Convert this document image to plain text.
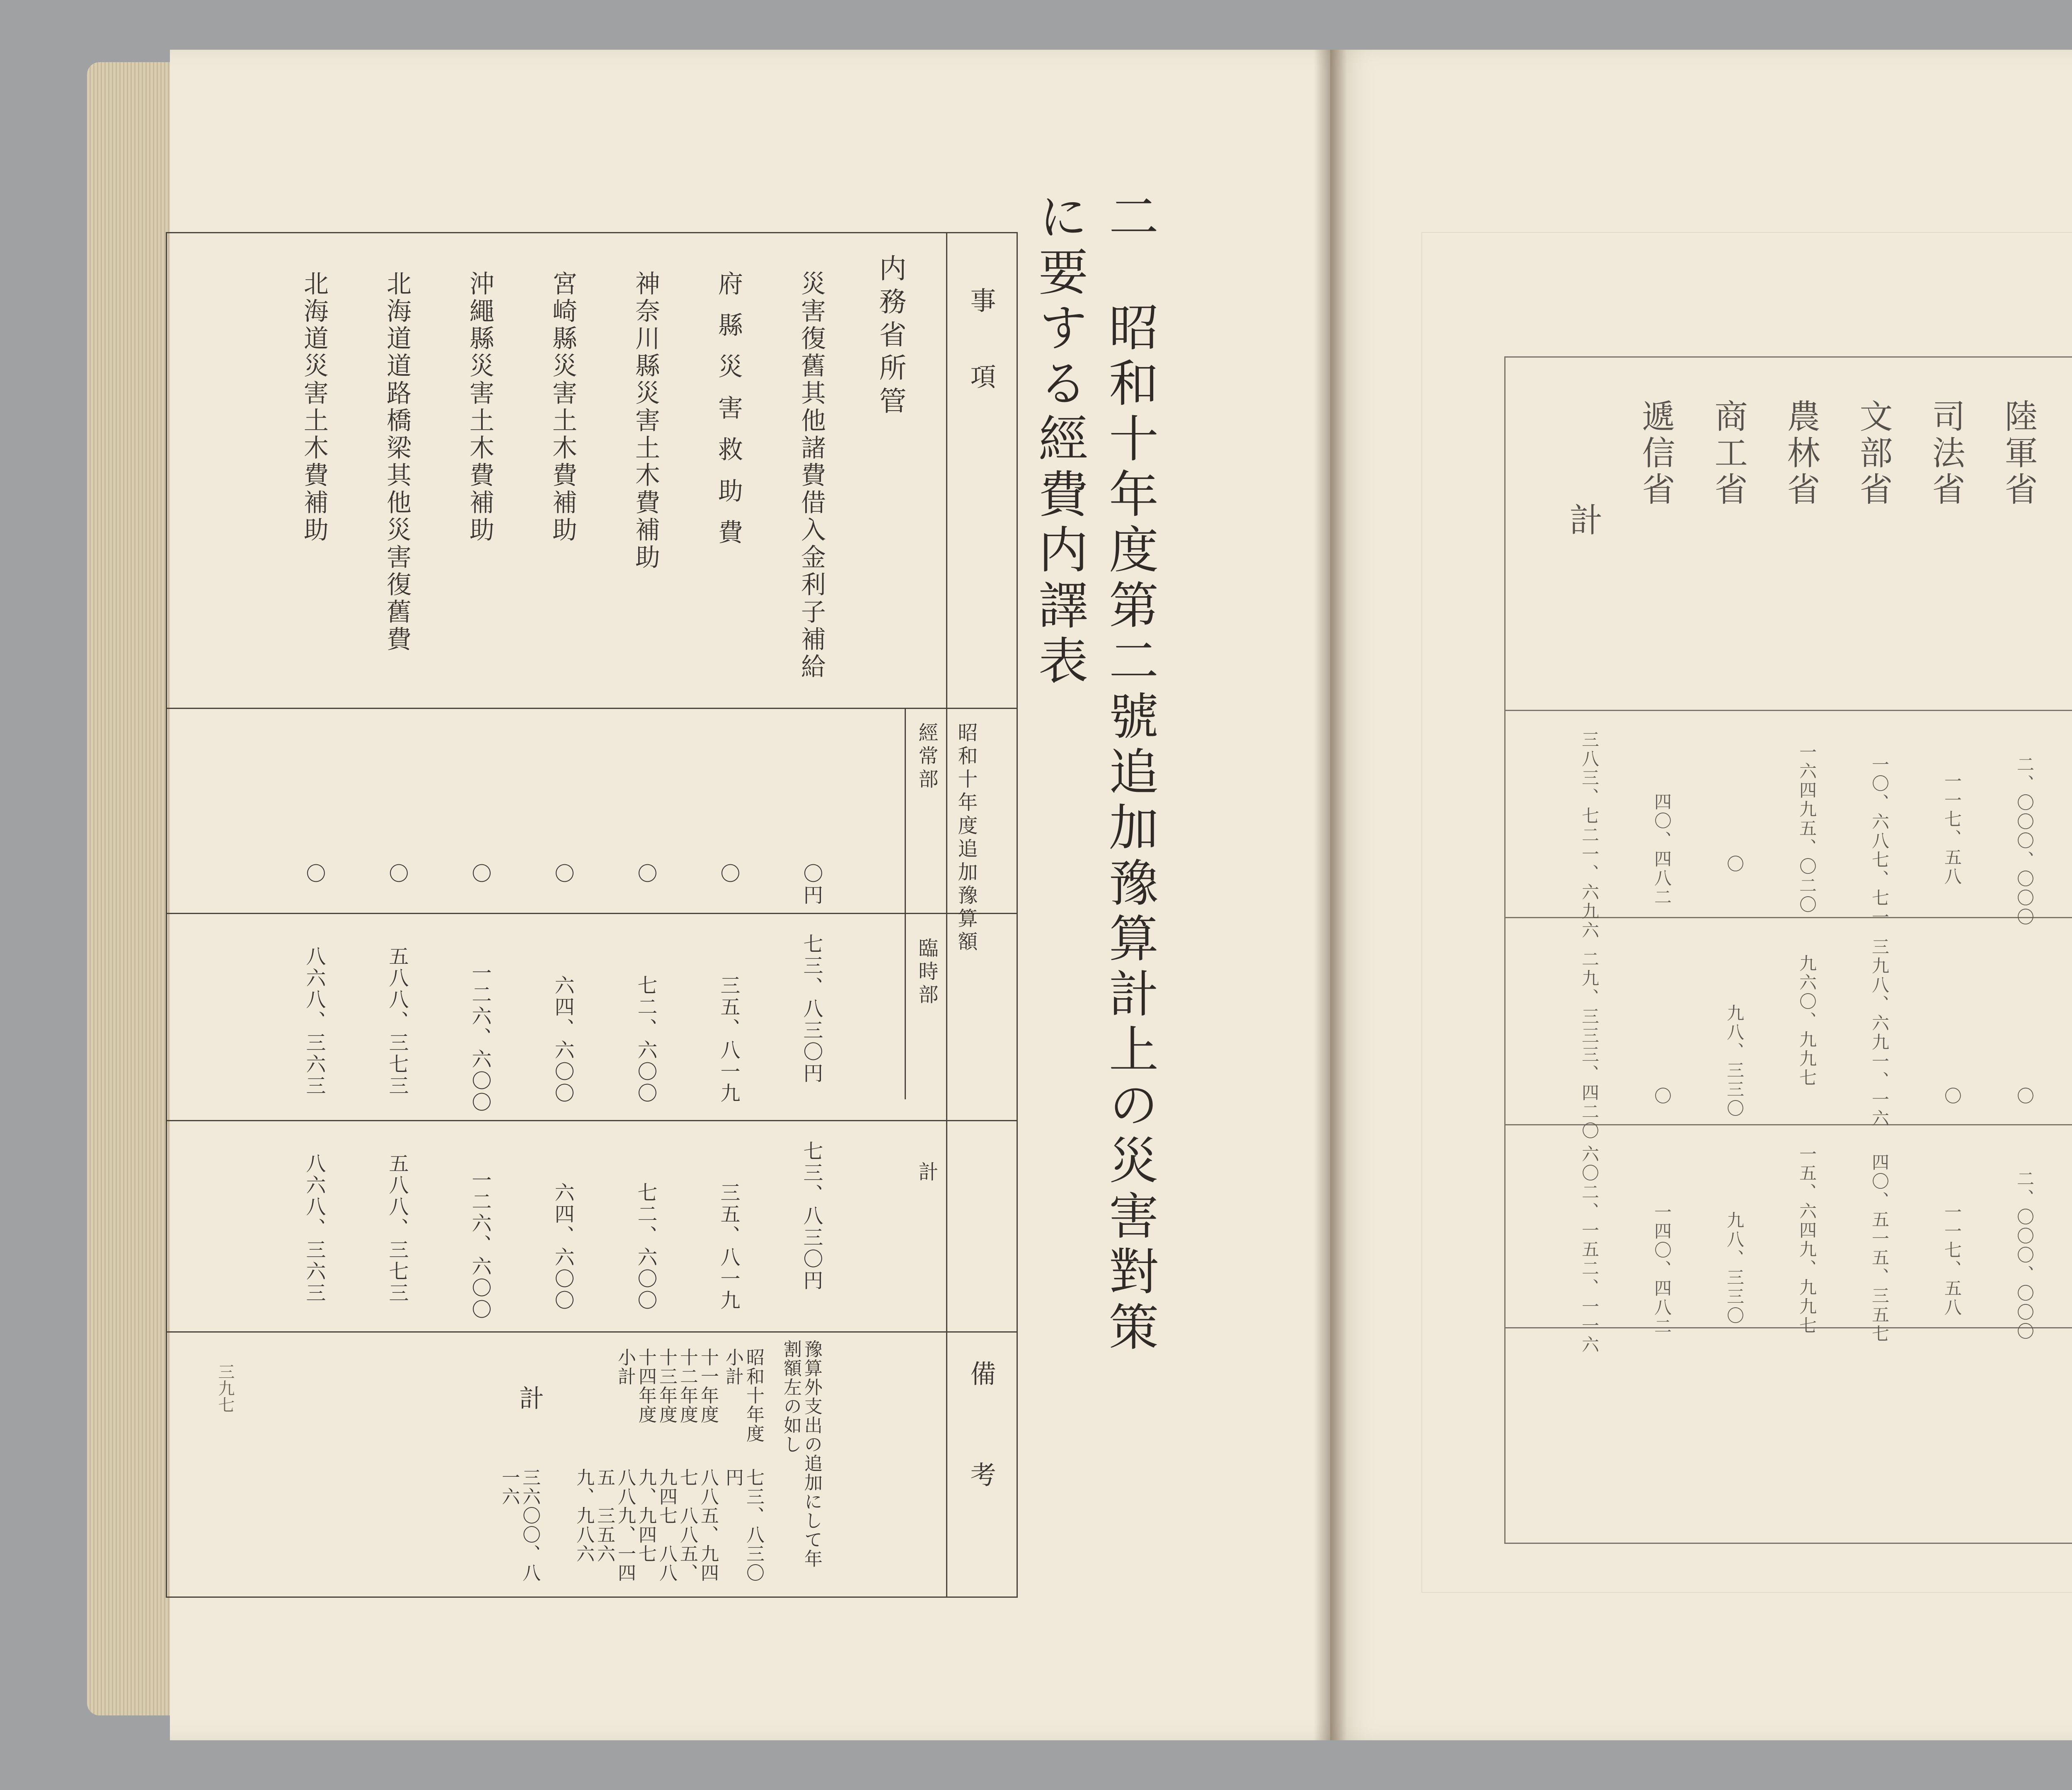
三九七
二　昭和十年度第二號追加豫算計上の災害對策に要する經費内譯表
事　項
昭和十年度追加豫算額
經常部
臨時部
計
備　考
内務省所管
災害復舊其他諸費借入金利子補給
府縣災害救助費
神奈川縣災害土木費補助
宮崎縣災害土木費補助
沖繩縣災害土木費補助
北海道道路橋梁其他災害復舊費
北海道災害土木費補助
〇円
〇
〇
〇
〇
〇
〇
七三、八三〇円
三五、八一九
七二、六〇〇
六四、六〇〇
一二六、六〇〇
五八八、三七三
八六八、三六三
七三、八三〇円
三五、八一九
七二、六〇〇
六四、六〇〇
一二六、六〇〇
五八八、三七三
八六八、三六三
豫算外支出の追加にして年割額左の如し
昭和十年度　小計
十一年度　十二年度　十三年度　十四年度　小計
計
七三、八三〇円
八八五、九四七　八八五、九四七　八八九、九四七　八八九、一四五　三五六九、九八六
三六〇〇、八一六
陸軍省
司法省
文部省
農林省
商工省
遞信省
計
二、〇〇〇、〇〇〇
一一七、五八
一〇、六八七、七一
一六四九五、〇二〇
〇
四〇、四八二
三八三、七二一、六九六
〇
〇
三九八、六九一、一六
九六〇、九九七
九八、三三〇
〇
二九、三三三、四二〇
二、〇〇〇、〇〇〇
一一七、五八
四〇、五一五、三五七
一五、六四九、九九七
九八、三三〇
一四〇、四八二
六〇二、一五二、一一六
